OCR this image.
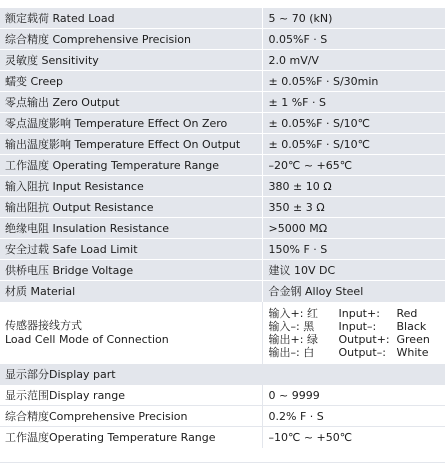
额定载荷 Rated Load	5 ~ 70 (kN)
综合精度 Comprehensive Precision	0.05%F · S
灵敏度 Sensitivity	2.0 mV/V
蠕变 Creep	± 0.05%F · S/30min
零点输出 Zero Output	± 1 %F · S
零点温度影响 Temperature Effect On Zero	± 0.05%F · S/10℃
输出温度影响 Temperature Effect On Output	± 0.05%F · S/10℃
工作温度 Operating Temperature Range	–20℃ ~ +65℃
输入阻抗 Input Resistance	380 ± 10 Ω
输出阻抗 Output Resistance	350 ± 3 Ω
绝缘电阻 Insulation Resistance	>5000 MΩ
安全过载 Safe Load Limit	150% F · S
供桥电压 Bridge Voltage	建议 10V DC
材质 Material	合金钢 Alloy Steel

传感器接线方式
Load Cell Mode of Connection

输入+: 红	Input+:	Red
输入–: 黑	Input–:	Black
输出+: 绿	Output+:	Green
输出–: 白	Output–:	White

显示部分Display part
显示范围Display range	0 ~ 9999
综合精度Comprehensive Precision	0.2% F · S
工作温度Operating Temperature Range	–10℃ ~ +50℃
